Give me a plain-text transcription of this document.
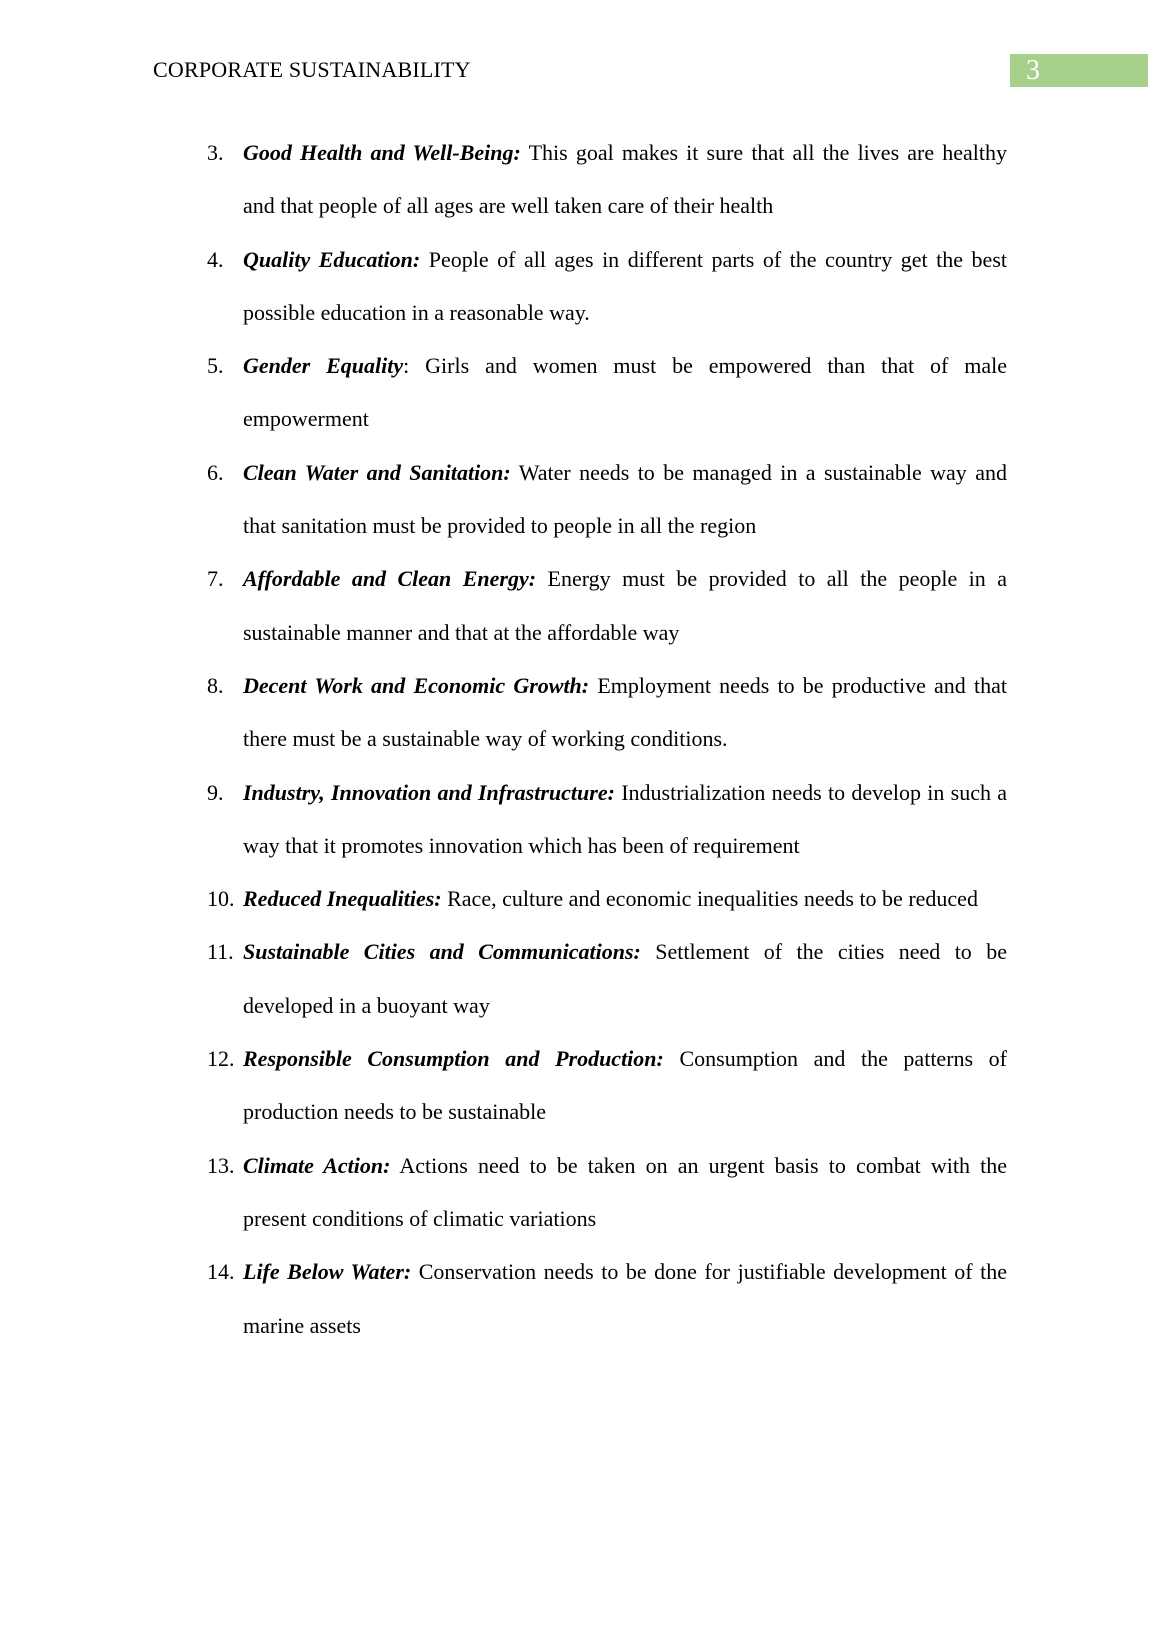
CORPORATE SUSTAINABILITY	3
3. Good Health and Well-Being: This goal makes it sure that all the lives are healthy and that people of all ages are well taken care of their health
4. Quality Education: People of all ages in different parts of the country get the best possible education in a reasonable way.
5. Gender Equality: Girls and women must be empowered than that of male empowerment
6. Clean Water and Sanitation: Water needs to be managed in a sustainable way and that sanitation must be provided to people in all the region
7. Affordable and Clean Energy: Energy must be provided to all the people in a sustainable manner and that at the affordable way
8. Decent Work and Economic Growth: Employment needs to be productive and that there must be a sustainable way of working conditions.
9. Industry, Innovation and Infrastructure: Industrialization needs to develop in such a way that it promotes innovation which has been of requirement
10. Reduced Inequalities: Race, culture and economic inequalities needs to be reduced
11. Sustainable Cities and Communications: Settlement of the cities need to be developed in a buoyant way
12. Responsible Consumption and Production: Consumption and the patterns of production needs to be sustainable
13. Climate Action: Actions need to be taken on an urgent basis to combat with the present conditions of climatic variations
14. Life Below Water: Conservation needs to be done for justifiable development of the marine assets
